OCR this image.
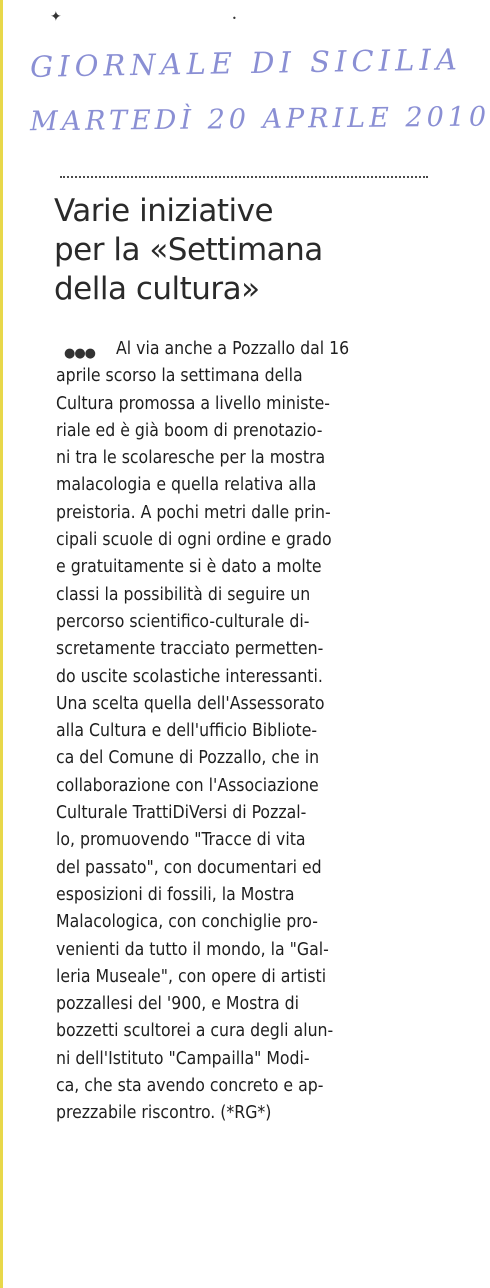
✦	•
GIORNALE DI SICILIA
MARTEDÌ 20 APRILE 2010
Varie iniziative
per la «Settimana
della cultura»
●●●	Al via anche a Pozzallo dal 16
aprile scorso la settimana della
Cultura promossa a livello ministe-
riale ed è già boom di prenotazio-
ni tra le scolaresche per la mostra
malacologia e quella relativa alla
preistoria. A pochi metri dalle prin-
cipali scuole di ogni ordine e grado
e gratuitamente si è dato a molte
classi la possibilità di seguire un
percorso scientifico-culturale di-
scretamente tracciato permetten-
do uscite scolastiche interessanti.
Una scelta quella dell'Assessorato
alla Cultura e dell'ufficio Bibliote-
ca del Comune di Pozzallo, che in
collaborazione con l'Associazione
Culturale TrattiDiVersi di Pozzal-
lo, promuovendo "Tracce di vita
del passato", con documentari ed
esposizioni di fossili, la Mostra
Malacologica, con conchiglie pro-
venienti da tutto il mondo, la "Gal-
leria Museale", con opere di artisti
pozzallesi del '900, e Mostra di
bozzetti scultorei a cura degli alun-
ni dell'Istituto "Campailla" Modi-
ca, che sta avendo concreto e ap-
prezzabile riscontro. (*RG*)
